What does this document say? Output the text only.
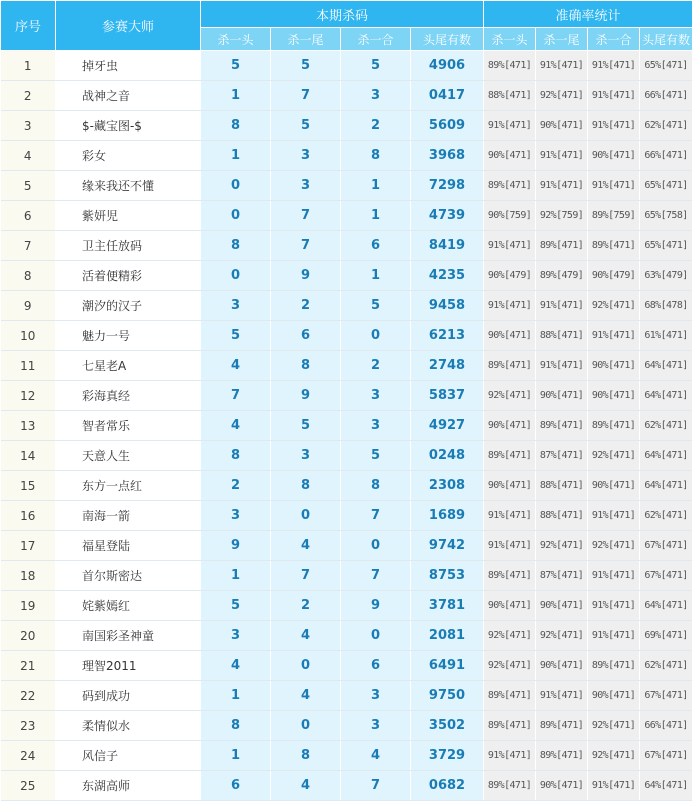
序号	参赛大师	本期杀码				准确率统计			
		杀一头	杀一尾	杀一合	头尾有数	杀一头	杀一尾	杀一合	头尾有数
1	掉牙虫	5	5	5	4906	89%[471]	91%[471]	91%[471]	65%[471]
2	战神之音	1	7	3	0417	88%[471]	92%[471]	91%[471]	66%[471]
3	$-藏宝图-$	8	5	2	5609	91%[471]	90%[471]	91%[471]	62%[471]
4	彩女	1	3	8	3968	90%[471]	91%[471]	90%[471]	66%[471]
5	缘来我还不懂	0	3	1	7298	89%[471]	91%[471]	91%[471]	65%[471]
6	紫妍児	0	7	1	4739	90%[759]	92%[759]	89%[759]	65%[758]
7	卫主任放码	8	7	6	8419	91%[471]	89%[471]	89%[471]	65%[471]
8	活着便精彩	0	9	1	4235	90%[479]	89%[479]	90%[479]	63%[479]
9	潮汐的汉子	3	2	5	9458	91%[471]	91%[471]	92%[471]	68%[478]
10	魅力一号	5	6	0	6213	90%[471]	88%[471]	91%[471]	61%[471]
11	七星老A	4	8	2	2748	89%[471]	91%[471]	90%[471]	64%[471]
12	彩海真经	7	9	3	5837	92%[471]	90%[471]	90%[471]	64%[471]
13	智者常乐	4	5	3	4927	90%[471]	89%[471]	89%[471]	62%[471]
14	天意人生	8	3	5	0248	89%[471]	87%[471]	92%[471]	64%[471]
15	东方一点红	2	8	8	2308	90%[471]	88%[471]	90%[471]	64%[471]
16	南海一箭	3	0	7	1689	91%[471]	88%[471]	91%[471]	62%[471]
17	福星登陆	9	4	0	9742	91%[471]	92%[471]	92%[471]	67%[471]
18	首尔斯密达	1	7	7	8753	89%[471]	87%[471]	91%[471]	67%[471]
19	姹紫嫣红	5	2	9	3781	90%[471]	90%[471]	91%[471]	64%[471]
20	南国彩圣神童	3	4	0	2081	92%[471]	92%[471]	91%[471]	69%[471]
21	理智2011	4	0	6	6491	92%[471]	90%[471]	89%[471]	62%[471]
22	码到成功	1	4	3	9750	89%[471]	91%[471]	90%[471]	67%[471]
23	柔情似水	8	0	3	3502	89%[471]	89%[471]	92%[471]	66%[471]
24	风信子	1	8	4	3729	91%[471]	89%[471]	92%[471]	67%[471]
25	东湖高师	6	4	7	0682	89%[471]	90%[471]	91%[471]	64%[471]
